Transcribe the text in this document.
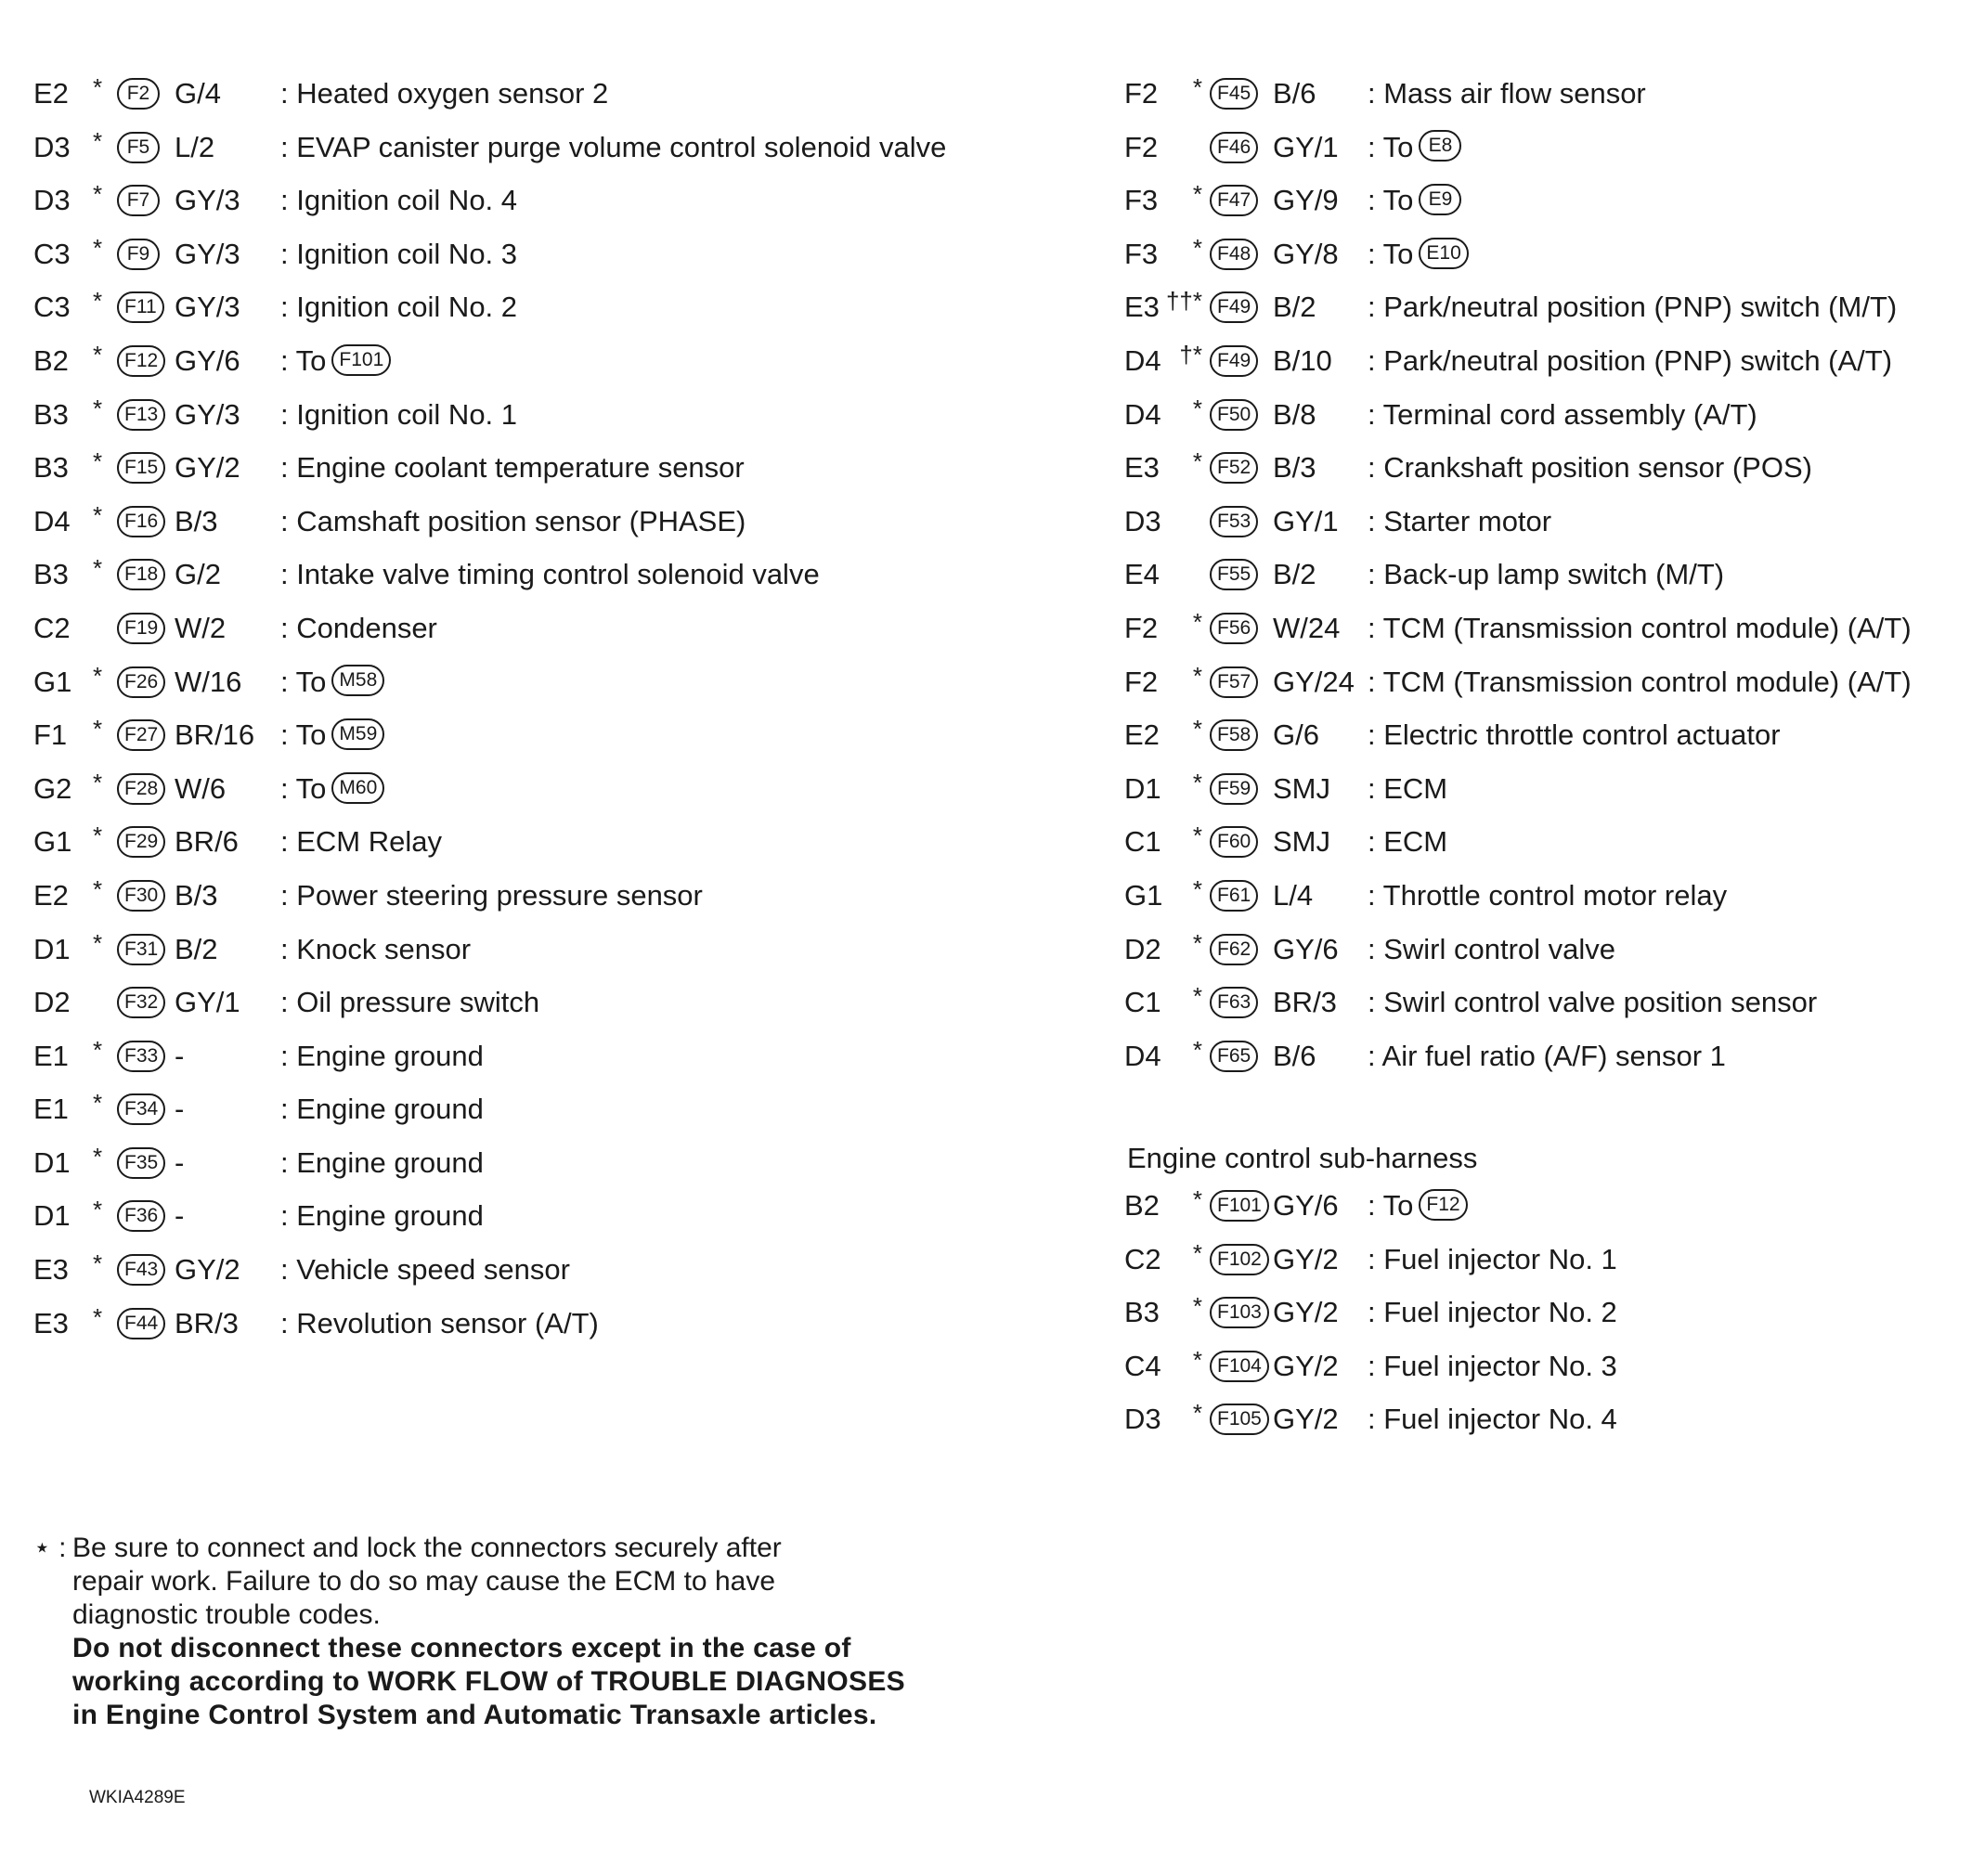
E2 *	F2 G/4 : Heated oxygen sensor 2
D3 *	F5 L/2 : EVAP canister purge volume control solenoid valve
D3 *	F7 GY/3 : Ignition coil No. 4
C3 *	F9 GY/3 : Ignition coil No. 3
C3 *	F11 GY/3 : Ignition coil No. 2
B2 *	F12 GY/6 : To F101
B3 *	F13 GY/3 : Ignition coil No. 1
B3 *	F15 GY/2 : Engine coolant temperature sensor
D4 *	F16 B/3 : Camshaft position sensor (PHASE)
B3 *	F18 G/2 : Intake valve timing control solenoid valve
C2	F19 W/2 : Condenser
G1 *	F26 W/16 : To M58
F1 *	F27 BR/16 : To M59
G2 *	F28 W/6 : To M60
G1 *	F29 BR/6 : ECM Relay
E2 *	F30 B/3 : Power steering pressure sensor
D1 *	F31 B/2 : Knock sensor
D2	F32 GY/1 : Oil pressure switch
E1 *	F33 -	: Engine ground
E1 *	F34 -	: Engine ground
D1 *	F35 -	: Engine ground
D1 *	F36 -	: Engine ground
E3 *	F43 GY/2 : Vehicle speed sensor
E3 *	F44 BR/3 : Revolution sensor (A/T)
F2	* F45 B/6 : Mass air flow sensor
F2	F46 GY/1 : To E8
F3	* F47 GY/9 : To E9
F3	* F48 GY/8 : To E10
E3 ††* F49 B/2 : Park/neutral position (PNP) switch (M/T)
D4 †* F49 B/10 : Park/neutral position (PNP) switch (A/T)
D4	* F50 B/8 : Terminal cord assembly (A/T)
E3	* F52 B/3 : Crankshaft position sensor (POS)
D3	F53 GY/1 : Starter motor
E4	F55 B/2 : Back-up lamp switch (M/T)
F2	* F56 W/24 : TCM (Transmission control module) (A/T)
F2	* F57 GY/24 : TCM (Transmission control module) (A/T)
E2	* F58 G/6 : Electric throttle control actuator
D1	* F59 SMJ : ECM
C1	* F60 SMJ : ECM
G1	* F61 L/4 : Throttle control motor relay
D2	* F62 GY/6 : Swirl control valve
C1	* F63 BR/3 : Swirl control valve position sensor
D4	* F65 B/6 : Air fuel ratio (A/F) sensor 1
Engine control sub-harness
B2	* F101 GY/6 : To F12
C2	* F102 GY/2 : Fuel injector No. 1
B3	* F103 GY/2 : Fuel injector No. 2
C4	* F104 GY/2 : Fuel injector No. 3
D3	* F105 GY/2 : Fuel injector No. 4
⋆ : Be sure to connect and lock the connectors securely after
repair work. Failure to do so may cause the ECM to have
diagnostic trouble codes.
Do not disconnect these connectors except in the case of
working according to WORK FLOW of TROUBLE DIAGNOSES
in Engine Control System and Automatic Transaxle articles.
WKIA4289E
